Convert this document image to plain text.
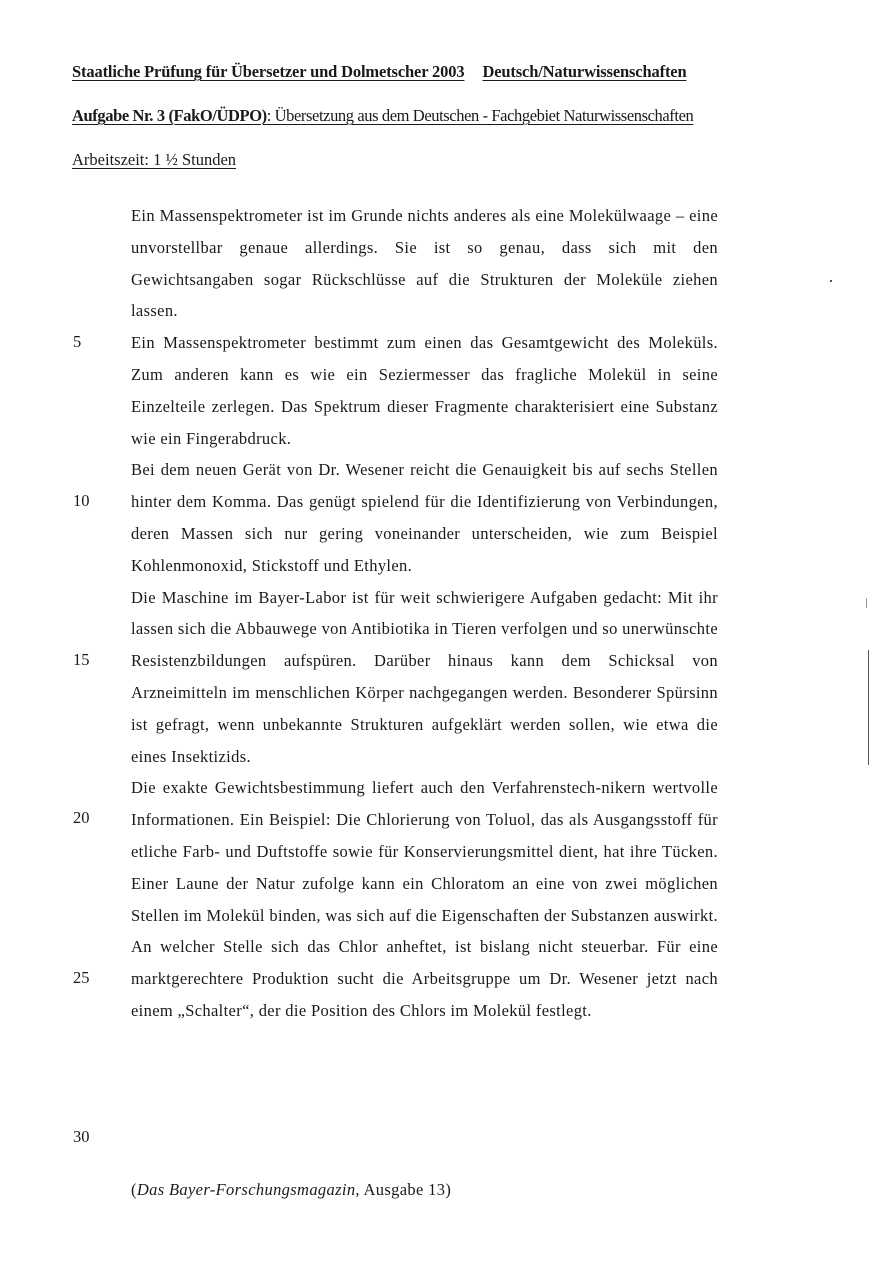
Staatliche Prüfung für Übersetzer und Dolmetscher 2003 Deutsch/Naturwissenschaften
Aufgabe Nr. 3 (FakO/ÜDPO): Übersetzung aus dem Deutschen - Fachgebiet Naturwissenschaften
Arbeitszeit: 1 ½ Stunden

Ein Massenspektrometer ist im Grunde nichts anderes als eine Molekülwaage – eine unvorstellbar genaue allerdings. Sie ist so genau, dass sich mit den Gewichtsangaben sogar Rückschlüsse auf die Strukturen der Moleküle ziehen lassen.

Ein Massenspektrometer bestimmt zum einen das Gesamtgewicht des Moleküls. Zum anderen kann es wie ein Seziermesser das fragliche Molekül in seine Einzelteile zerlegen. Das Spektrum dieser Fragmente charakterisiert eine Substanz wie ein Fingerabdruck.

Bei dem neuen Gerät von Dr. Wesener reicht die Genauigkeit bis auf sechs Stellen hinter dem Komma. Das genügt spielend für die Identifizierung von Verbindungen, deren Massen sich nur gering voneinander unterscheiden, wie zum Beispiel Kohlenmonoxid, Stickstoff und Ethylen.

Die Maschine im Bayer-Labor ist für weit schwierigere Aufgaben gedacht: Mit ihr lassen sich die Abbauwege von Antibiotika in Tieren verfolgen und so unerwünschte Resistenzbildungen aufspüren. Darüber hinaus kann dem Schicksal von Arzneimitteln im menschlichen Körper nachgegangen werden. Besonderer Spürsinn ist gefragt, wenn unbekannte Strukturen aufgeklärt werden sollen, wie etwa die eines Insektizids.

Die exakte Gewichtsbestimmung liefert auch den Verfahrenstech-nikern wertvolle Informationen. Ein Beispiel: Die Chlorierung von Toluol, das als Ausgangsstoff für etliche Farb- und Duftstoffe sowie für Konservierungsmittel dient, hat ihre Tücken. Einer Laune der Natur zufolge kann ein Chloratom an eine von zwei möglichen Stellen im Molekül binden, was sich auf die Eigenschaften der Substanzen auswirkt. An welcher Stelle sich das Chlor anheftet, ist bislang nicht steuerbar. Für eine marktgerechtere Produktion sucht die Arbeitsgruppe um Dr. Wesener jetzt nach einem „Schalter“, der die Position des Chlors im Molekül festlegt.

5
10
15
20
25
30
(Das Bayer-Forschungsmagazin, Ausgabe 13)
